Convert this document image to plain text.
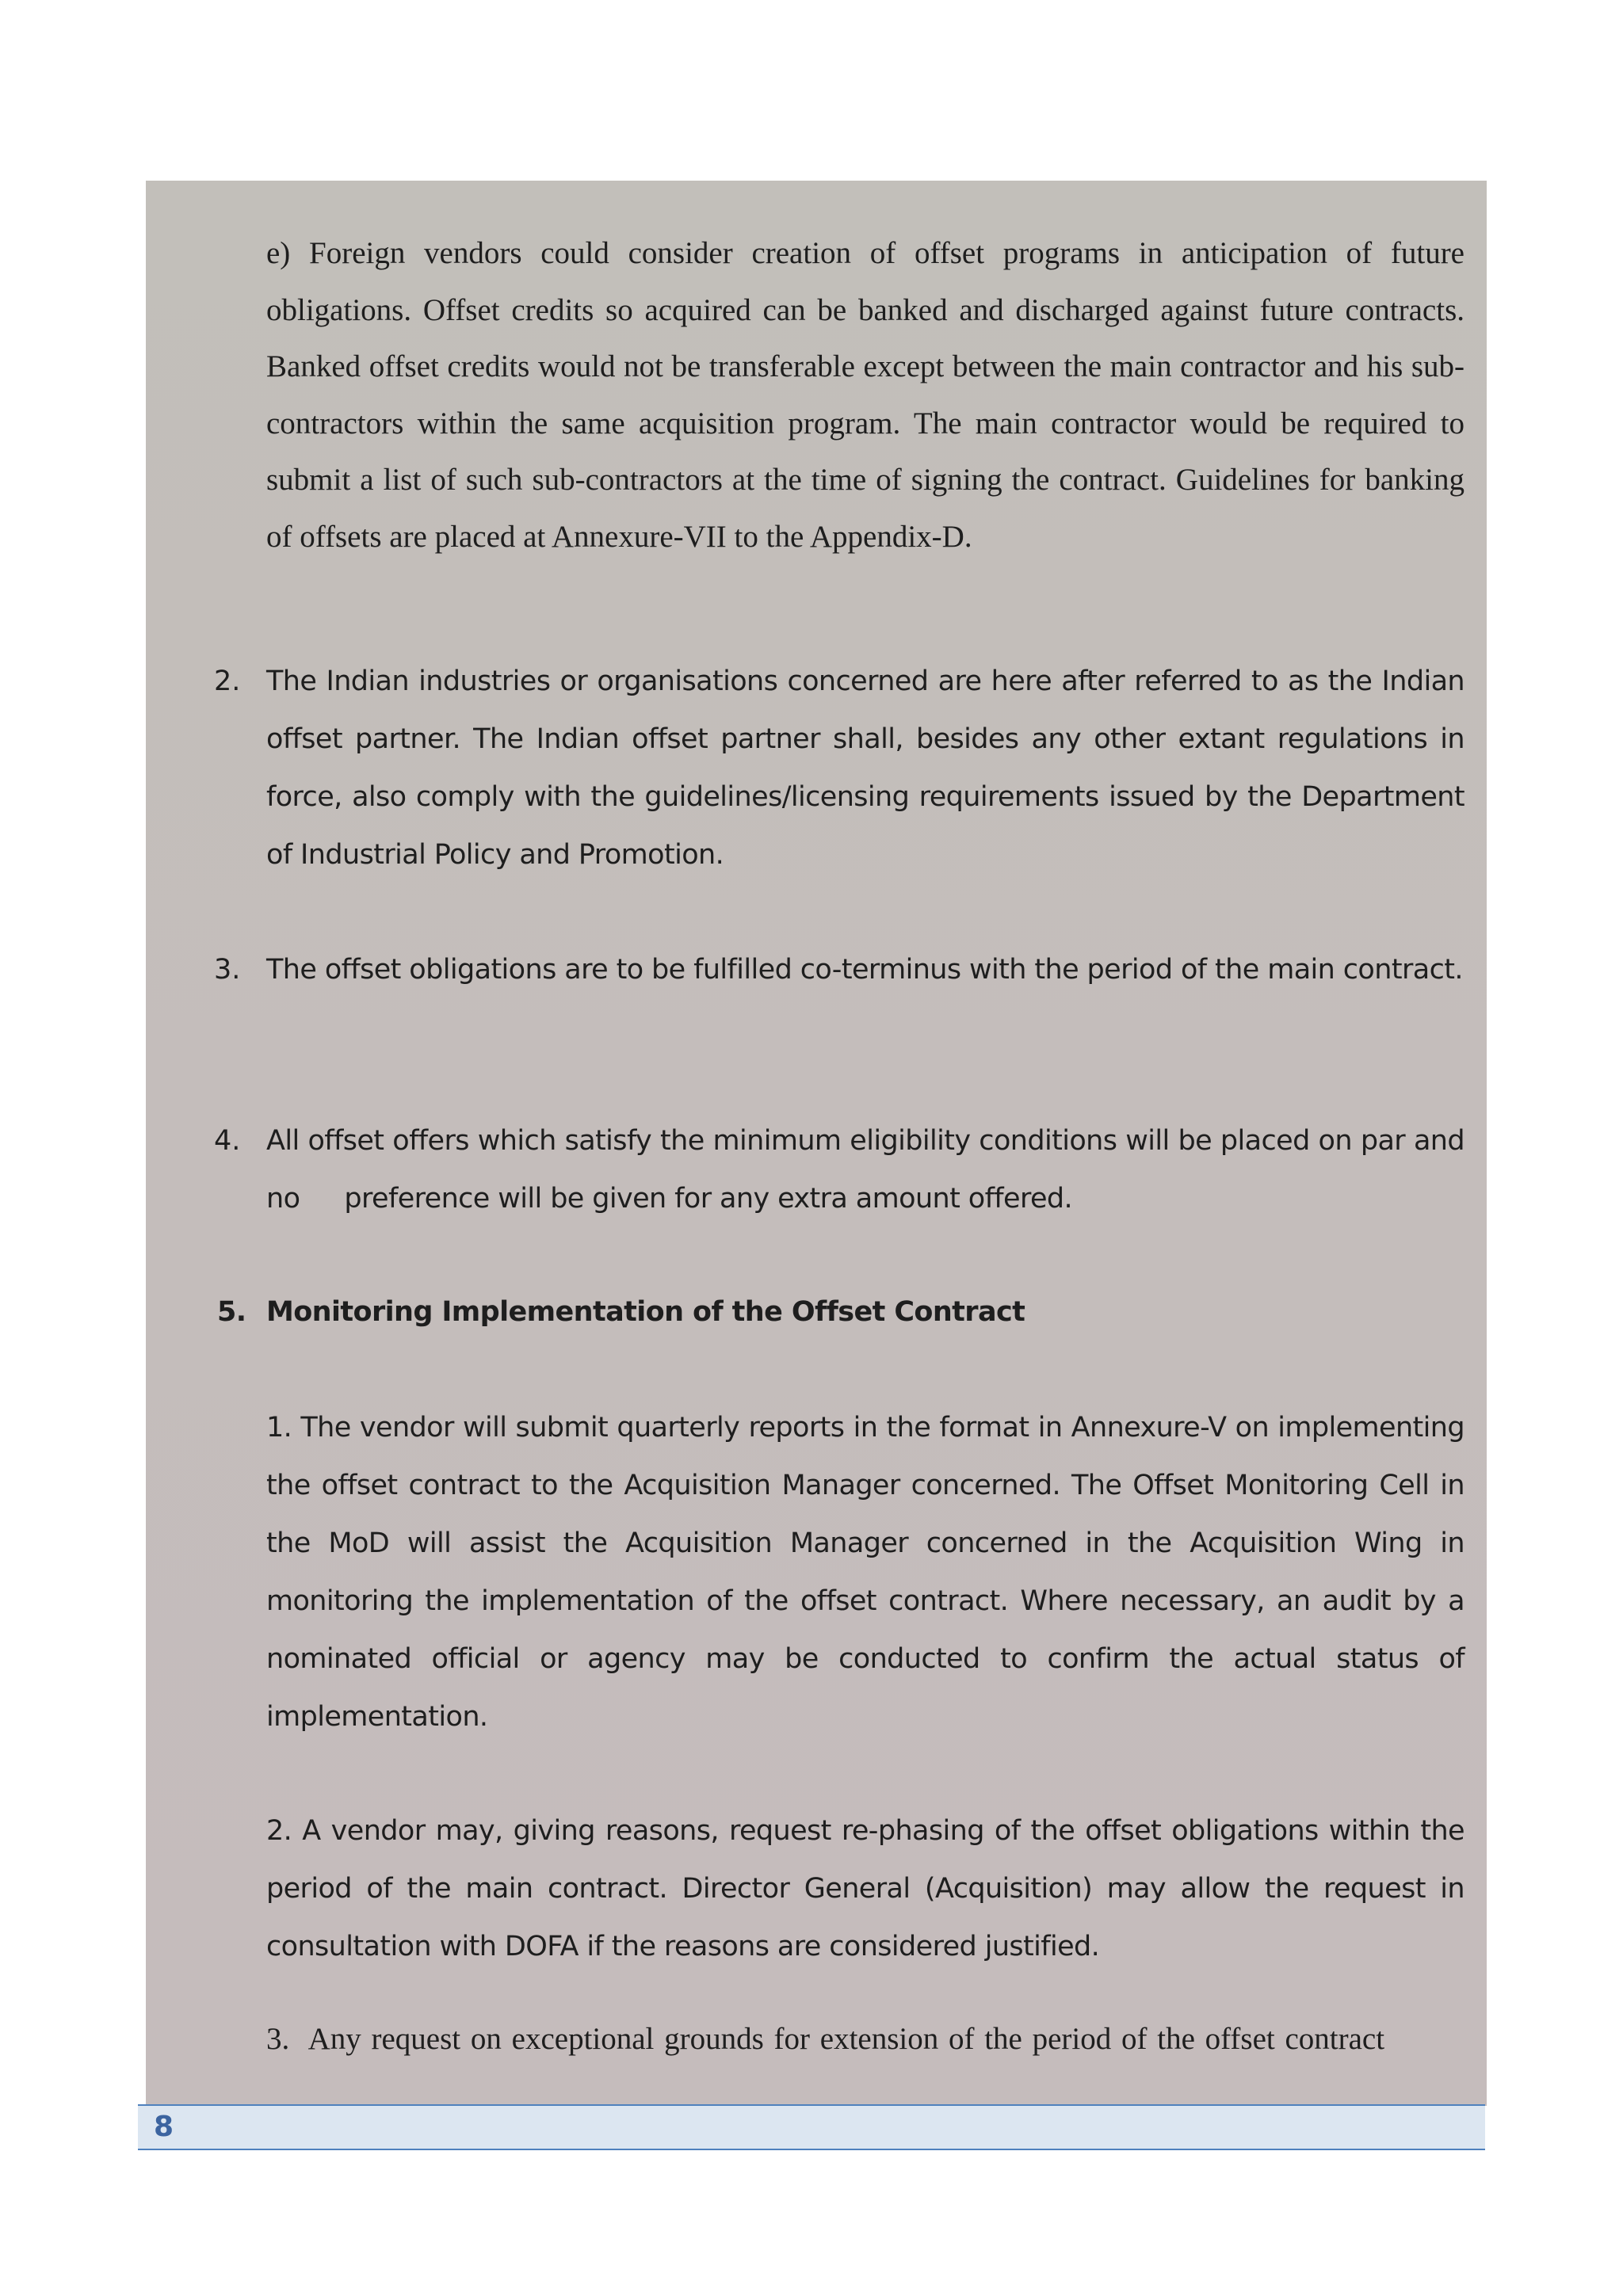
e) Foreign vendors could consider creation of offset programs in anticipation of future obligations. Offset credits so acquired can be banked and discharged against future contracts. Banked offset credits would not be transferable except between the main contractor and his sub-contractors within the same acquisition program. The main contractor would be required to submit a list of such sub-contractors at the time of signing the contract. Guidelines for banking of offsets are placed at Annexure-VII to the Appendix-D.

2. The Indian industries or organisations concerned are here after referred to as the Indian offset partner. The Indian offset partner shall, besides any other extant regulations in force, also comply with the guidelines/licensing requirements issued by the Department of Industrial Policy and Promotion.

3. The offset obligations are to be fulfilled co-terminus with the period of the main contract.

4. All offset offers which satisfy the minimum eligibility conditions will be placed on par and no preference will be given for any extra amount offered.

5. Monitoring Implementation of the Offset Contract

1. The vendor will submit quarterly reports in the format in Annexure-V on implementing the offset contract to the Acquisition Manager concerned. The Offset Monitoring Cell in the MoD will assist the Acquisition Manager concerned in the Acquisition Wing in monitoring the implementation of the offset contract. Where necessary, an audit by a nominated official or agency may be conducted to confirm the actual status of implementation.

2. A vendor may, giving reasons, request re-phasing of the offset obligations within the period of the main contract. Director General (Acquisition) may allow the request in consultation with DOFA if the reasons are considered justified.

3.  Any request on exceptional grounds for extension of the period of the offset contract

8
